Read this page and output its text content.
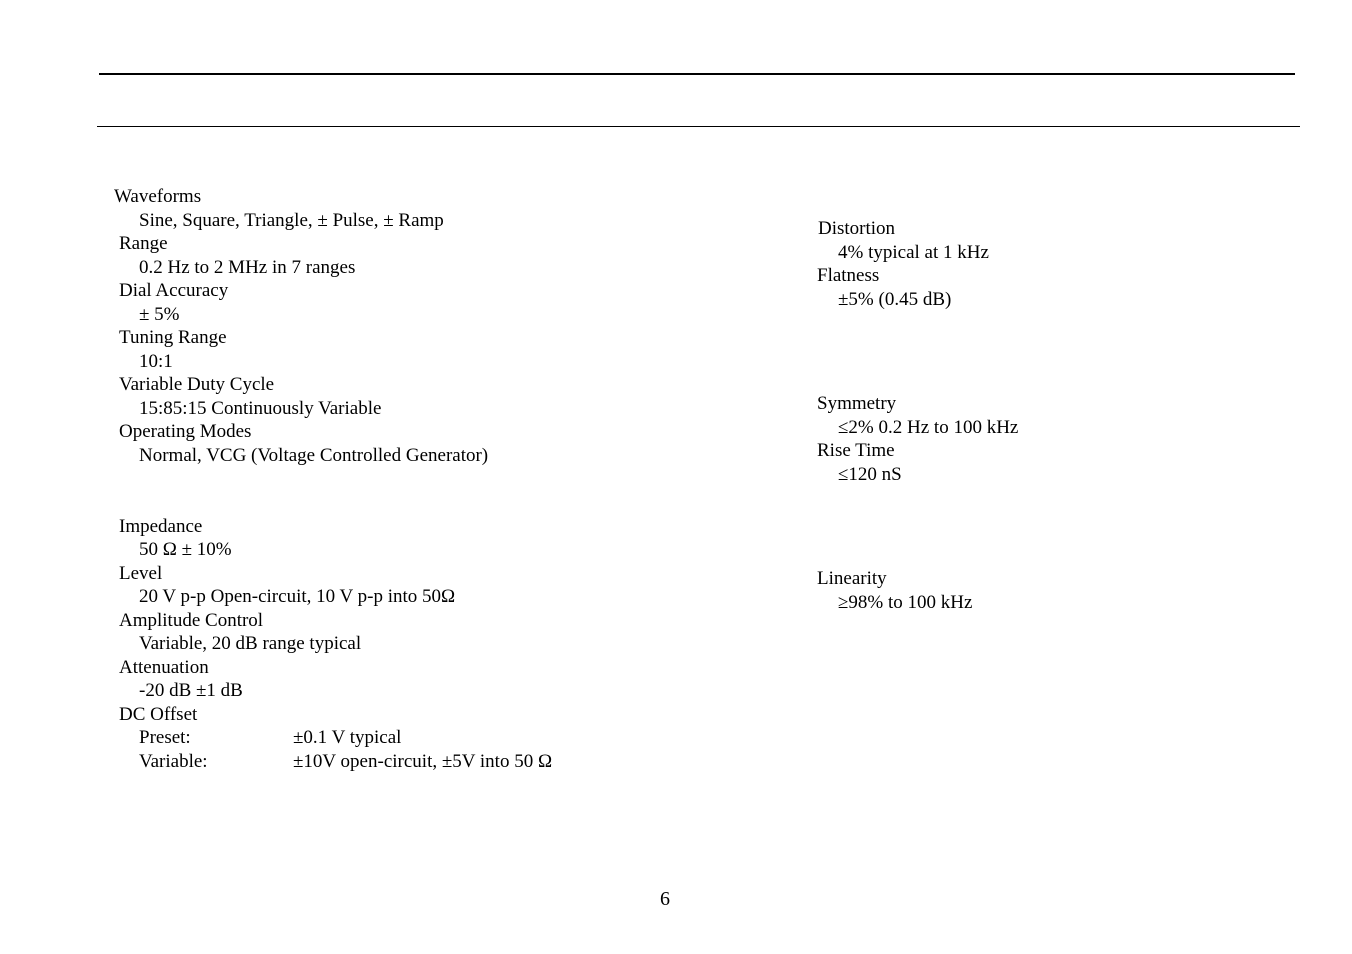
Waveforms
Sine, Square, Triangle, ± Pulse, ± Ramp
Range
0.2 Hz to 2 MHz in 7 ranges
Dial Accuracy
± 5%
Tuning Range
10:1
Variable Duty Cycle
15:85:15 Continuously Variable
Operating Modes
Normal, VCG (Voltage Controlled Generator)
Impedance
50 Ω ± 10%
Level
20 V p-p Open-circuit, 10 V p-p into 50Ω
Amplitude Control
Variable, 20 dB range typical
Attenuation
-20 dB ±1 dB
DC Offset
Preset:	±0.1 V typical
Variable:	±10V open-circuit, ±5V into 50 Ω
Distortion
4% typical at 1 kHz
Flatness
±5% (0.45 dB)
Symmetry
≤2% 0.2 Hz to 100 kHz
Rise Time
≤120 nS
Linearity
≥98% to 100 kHz
6
